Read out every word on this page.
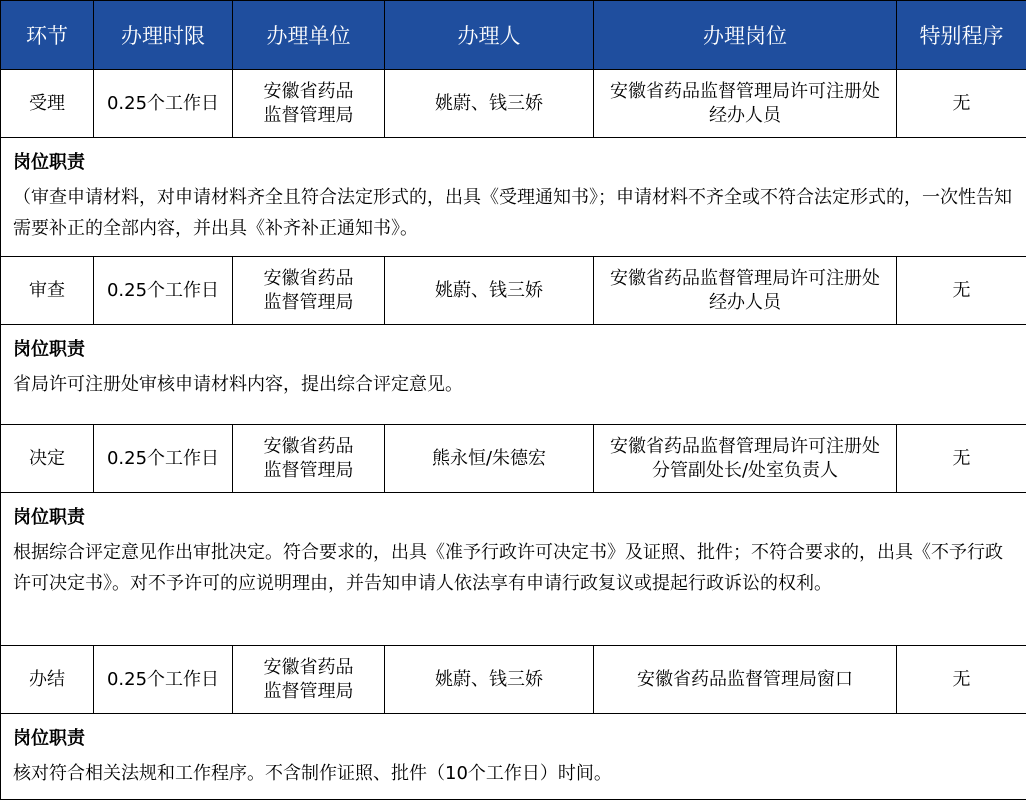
环节	办理时限	办理单位	办理人	办理岗位	特别程序
受理	0.25个工作日	安徽省药品监督管理局	姚蔚、钱三娇	安徽省药品监督管理局许可注册处经办人员	无

岗位职责
（审查申请材料，对申请材料齐全且符合法定形式的，出具《受理通知书》；申请材料不齐全或不符合法定形式的，一次性告知需要补正的全部内容，并出具《补齐补正通知书》。					

审查	0.25个工作日	安徽省药品监督管理局	姚蔚、钱三娇	安徽省药品监督管理局许可注册处经办人员	无

岗位职责
省局许可注册处审核申请材料内容，提出综合评定意见。					

决定	0.25个工作日	安徽省药品监督管理局	熊永恒/朱德宏	安徽省药品监督管理局许可注册处分管副处长/处室负责人	无

岗位职责
根据综合评定意见作出审批决定。符合要求的，出具《准予行政许可决定书》及证照、批件；不符合要求的，出具《不予行政许可决定书》。对不予许可的应说明理由，并告知申请人依法享有申请行政复议或提起行政诉讼的权利。					

办结	0.25个工作日	安徽省药品监督管理局	姚蔚、钱三娇	安徽省药品监督管理局窗口	无

岗位职责
核对符合相关法规和工作程序。不含制作证照、批件（10个工作日）时间。					
